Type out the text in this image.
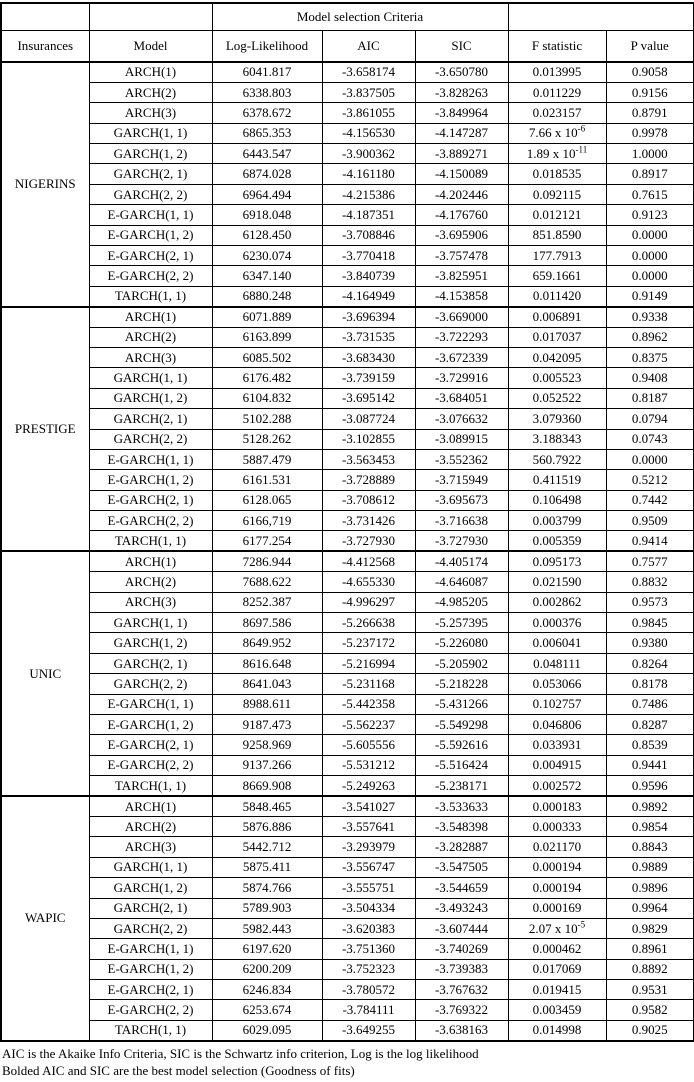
		Model selection Criteria				
Insurances	Model	Log-Likelihood	AIC	SIC	F statistic	P value
NIGERINS	ARCH(1)	6041.817	-3.658174	-3.650780	0.013995	0.9058
	ARCH(2)	6338.803	-3.837505	-3.828263	0.011229	0.9156
	ARCH(3)	6378.672	-3.861055	-3.849964	0.023157	0.8791
	GARCH(1, 1)	6865.353	-4.156530	-4.147287	7.66 x $10^{-6}$	0.9978
	GARCH(1, 2)	6443.547	-3.900362	-3.889271	1.89 x $10^{-11}$	1.0000
	GARCH(2, 1)	6874.028	-4.161180	-4.150089	0.018535	0.8917
	GARCH(2, 2)	6964.494	-4.215386	-4.202446	0.092115	0.7615
	E-GARCH(1, 1)	6918.048	-4.187351	-4.176760	0.012121	0.9123
	E-GARCH(1, 2)	6128.450	-3.708846	-3.695906	851.8590	0.0000
	E-GARCH(2, 1)	6230.074	-3.770418	-3.757478	177.7913	0.0000
	E-GARCH(2, 2)	6347.140	-3.840739	-3.825951	659.1661	0.0000
	TARCH(1, 1)	6880.248	-4.164949	-4.153858	0.011420	0.9149
PRESTIGE	ARCH(1)	6071.889	-3.696394	-3.669000	0.006891	0.9338
	ARCH(2)	6163.899	-3.731535	-3.722293	0.017037	0.8962
	ARCH(3)	6085.502	-3.683430	-3.672339	0.042095	0.8375
	GARCH(1, 1)	6176.482	-3.739159	-3.729916	0.005523	0.9408
	GARCH(1, 2)	6104.832	-3.695142	-3.684051	0.052522	0.8187
	GARCH(2, 1)	5102.288	-3.087724	-3.076632	3.079360	0.0794
	GARCH(2, 2)	5128.262	-3.102855	-3.089915	3.188343	0.0743
	E-GARCH(1, 1)	5887.479	-3.563453	-3.552362	560.7922	0.0000
	E-GARCH(1, 2)	6161.531	-3.728889	-3.715949	0.411519	0.5212
	E-GARCH(2, 1)	6128.065	-3.708612	-3.695673	0.106498	0.7442
	E-GARCH(2, 2)	6166,719	-3.731426	-3.716638	0.003799	0.9509
	TARCH(1, 1)	6177.254	-3.727930	-3.727930	0.005359	0.9414
UNIC	ARCH(1)	7286.944	-4.412568	-4.405174	0.095173	0.7577
	ARCH(2)	7688.622	-4.655330	-4.646087	0.021590	0.8832
	ARCH(3)	8252.387	-4.996297	-4.985205	0.002862	0.9573
	GARCH(1, 1)	8697.586	-5.266638	-5.257395	0.000376	0.9845
	GARCH(1, 2)	8649.952	-5.237172	-5.226080	0.006041	0.9380
	GARCH(2, 1)	8616.648	-5.216994	-5.205902	0.048111	0.8264
	GARCH(2, 2)	8641.043	-5.231168	-5.218228	0.053066	0.8178
	E-GARCH(1, 1)	8988.611	-5.442358	-5.431266	0.102757	0.7486
	E-GARCH(1, 2)	9187.473	-5.562237	-5.549298	0.046806	0.8287
	E-GARCH(2, 1)	9258.969	-5.605556	-5.592616	0.033931	0.8539
	E-GARCH(2, 2)	9137.266	-5.531212	-5.516424	0.004915	0.9441
	TARCH(1, 1)	8669.908	-5.249263	-5.238171	0.002572	0.9596
WAPIC	ARCH(1)	5848.465	-3.541027	-3.533633	0.000183	0.9892
	ARCH(2)	5876.886	-3.557641	-3.548398	0.000333	0.9854
	ARCH(3)	5442.712	-3.293979	-3.282887	0.021170	0.8843
	GARCH(1, 1)	5875.411	-3.556747	-3.547505	0.000194	0.9889
	GARCH(1, 2)	5874.766	-3.555751	-3.544659	0.000194	0.9896
	GARCH(2, 1)	5789.903	-3.504334	-3.493243	0.000169	0.9964
	GARCH(2, 2)	5982.443	-3.620383	-3.607444	2.07 x $10^{-5}$	0.9829
	E-GARCH(1, 1)	6197.620	-3.751360	-3.740269	0.000462	0.8961
	E-GARCH(1, 2)	6200.209	-3.752323	-3.739383	0.017069	0.8892
	E-GARCH(2, 1)	6246.834	-3.780572	-3.767632	0.019415	0.9531
	E-GARCH(2, 2)	6253.674	-3.784111	-3.769322	0.003459	0.9582
	TARCH(1, 1)	6029.095	-3.649255	-3.638163	0.014998	0.9025
AIC is the Akaike Info Criteria, SIC is the Schwartz info criterion, Log is the log likelihood
Bolded AIC and SIC are the best model selection (Goodness of fits)
